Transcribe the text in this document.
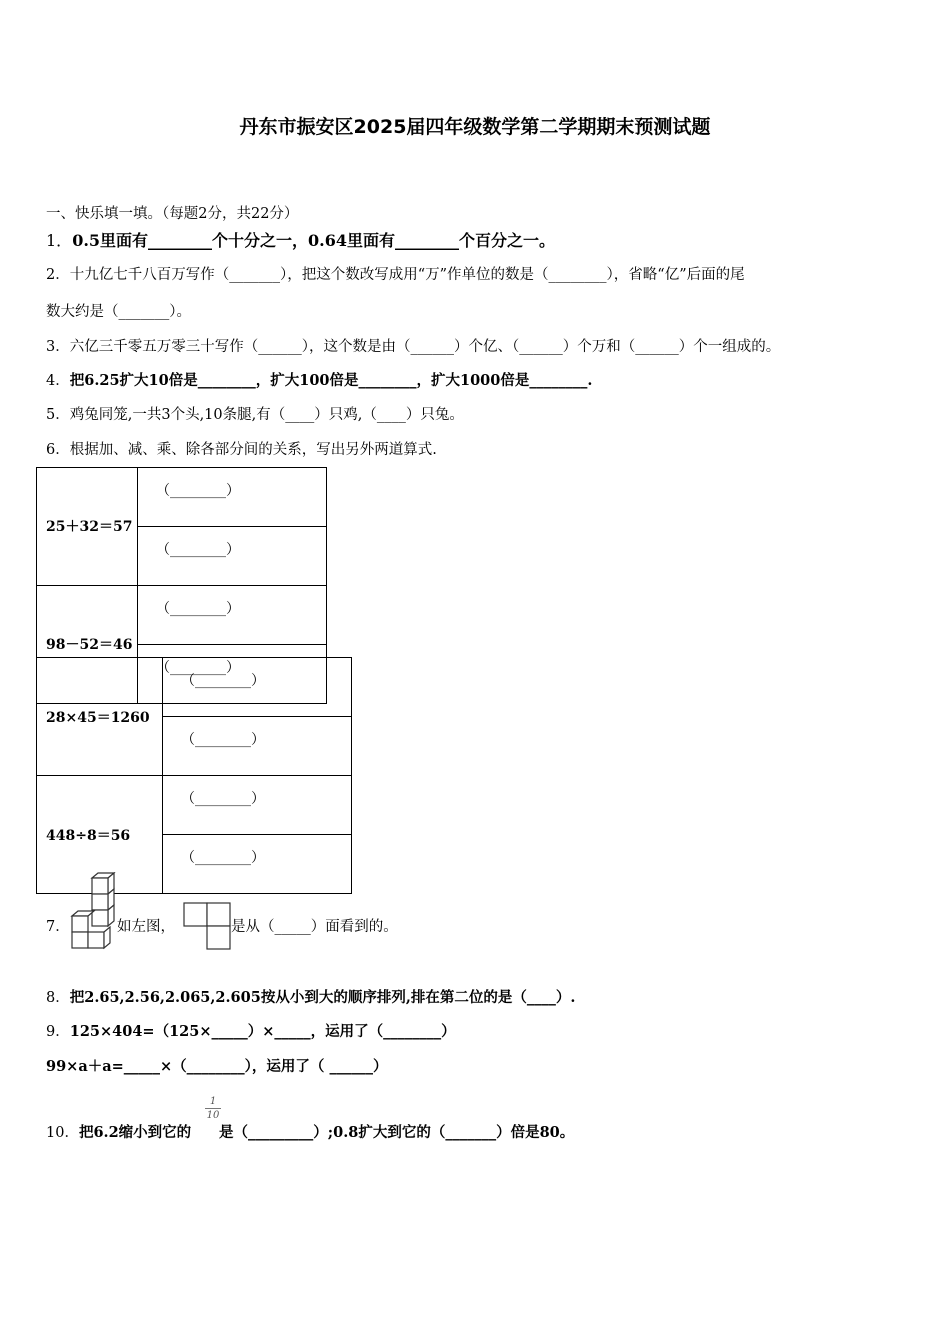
丹东市振安区2025届四年级数学第二学期期末预测试题
一、快乐填一填。（每题2分，共22分）
1．0.5里面有________个十分之一，0.64里面有________个百分之一。
2．十九亿七千八百万写作（_______），把这个数改写成用“万”作单位的数是（________），省略“亿”后面的尾
数大约是（_______）。
3．六亿三千零五万零三十写作（______），这个数是由（______）个亿、（______）个万和（______）个一组成的。
4．把6.25扩大10倍是________，扩大100倍是________，扩大1000倍是________.
5．鸡兔同笼,一共3个头,10条腿,有（____）只鸡,（____）只兔。
6．根据加、减、乘、除各部分间的关系，写出另外两道算式.
25＋32＝57	（________）
	（________）
98－52＝46	（________）
	（________）
28×45＝1260	（________）
	（________）
448÷8＝56	（________）
	（________）
7．	如左图，	是从（_____）面看到的。
8．把2.65,2.56,2.065,2.605按从小到大的顺序排列,排在第二位的是（____）.
9．125×404=（125×_____）×_____，运用了（________）
99×a＋a=_____×（________），运用了（ ______）
10．把6.2缩小到它的
1
10
是（_________）;0.8扩大到它的（_______）倍是80。
